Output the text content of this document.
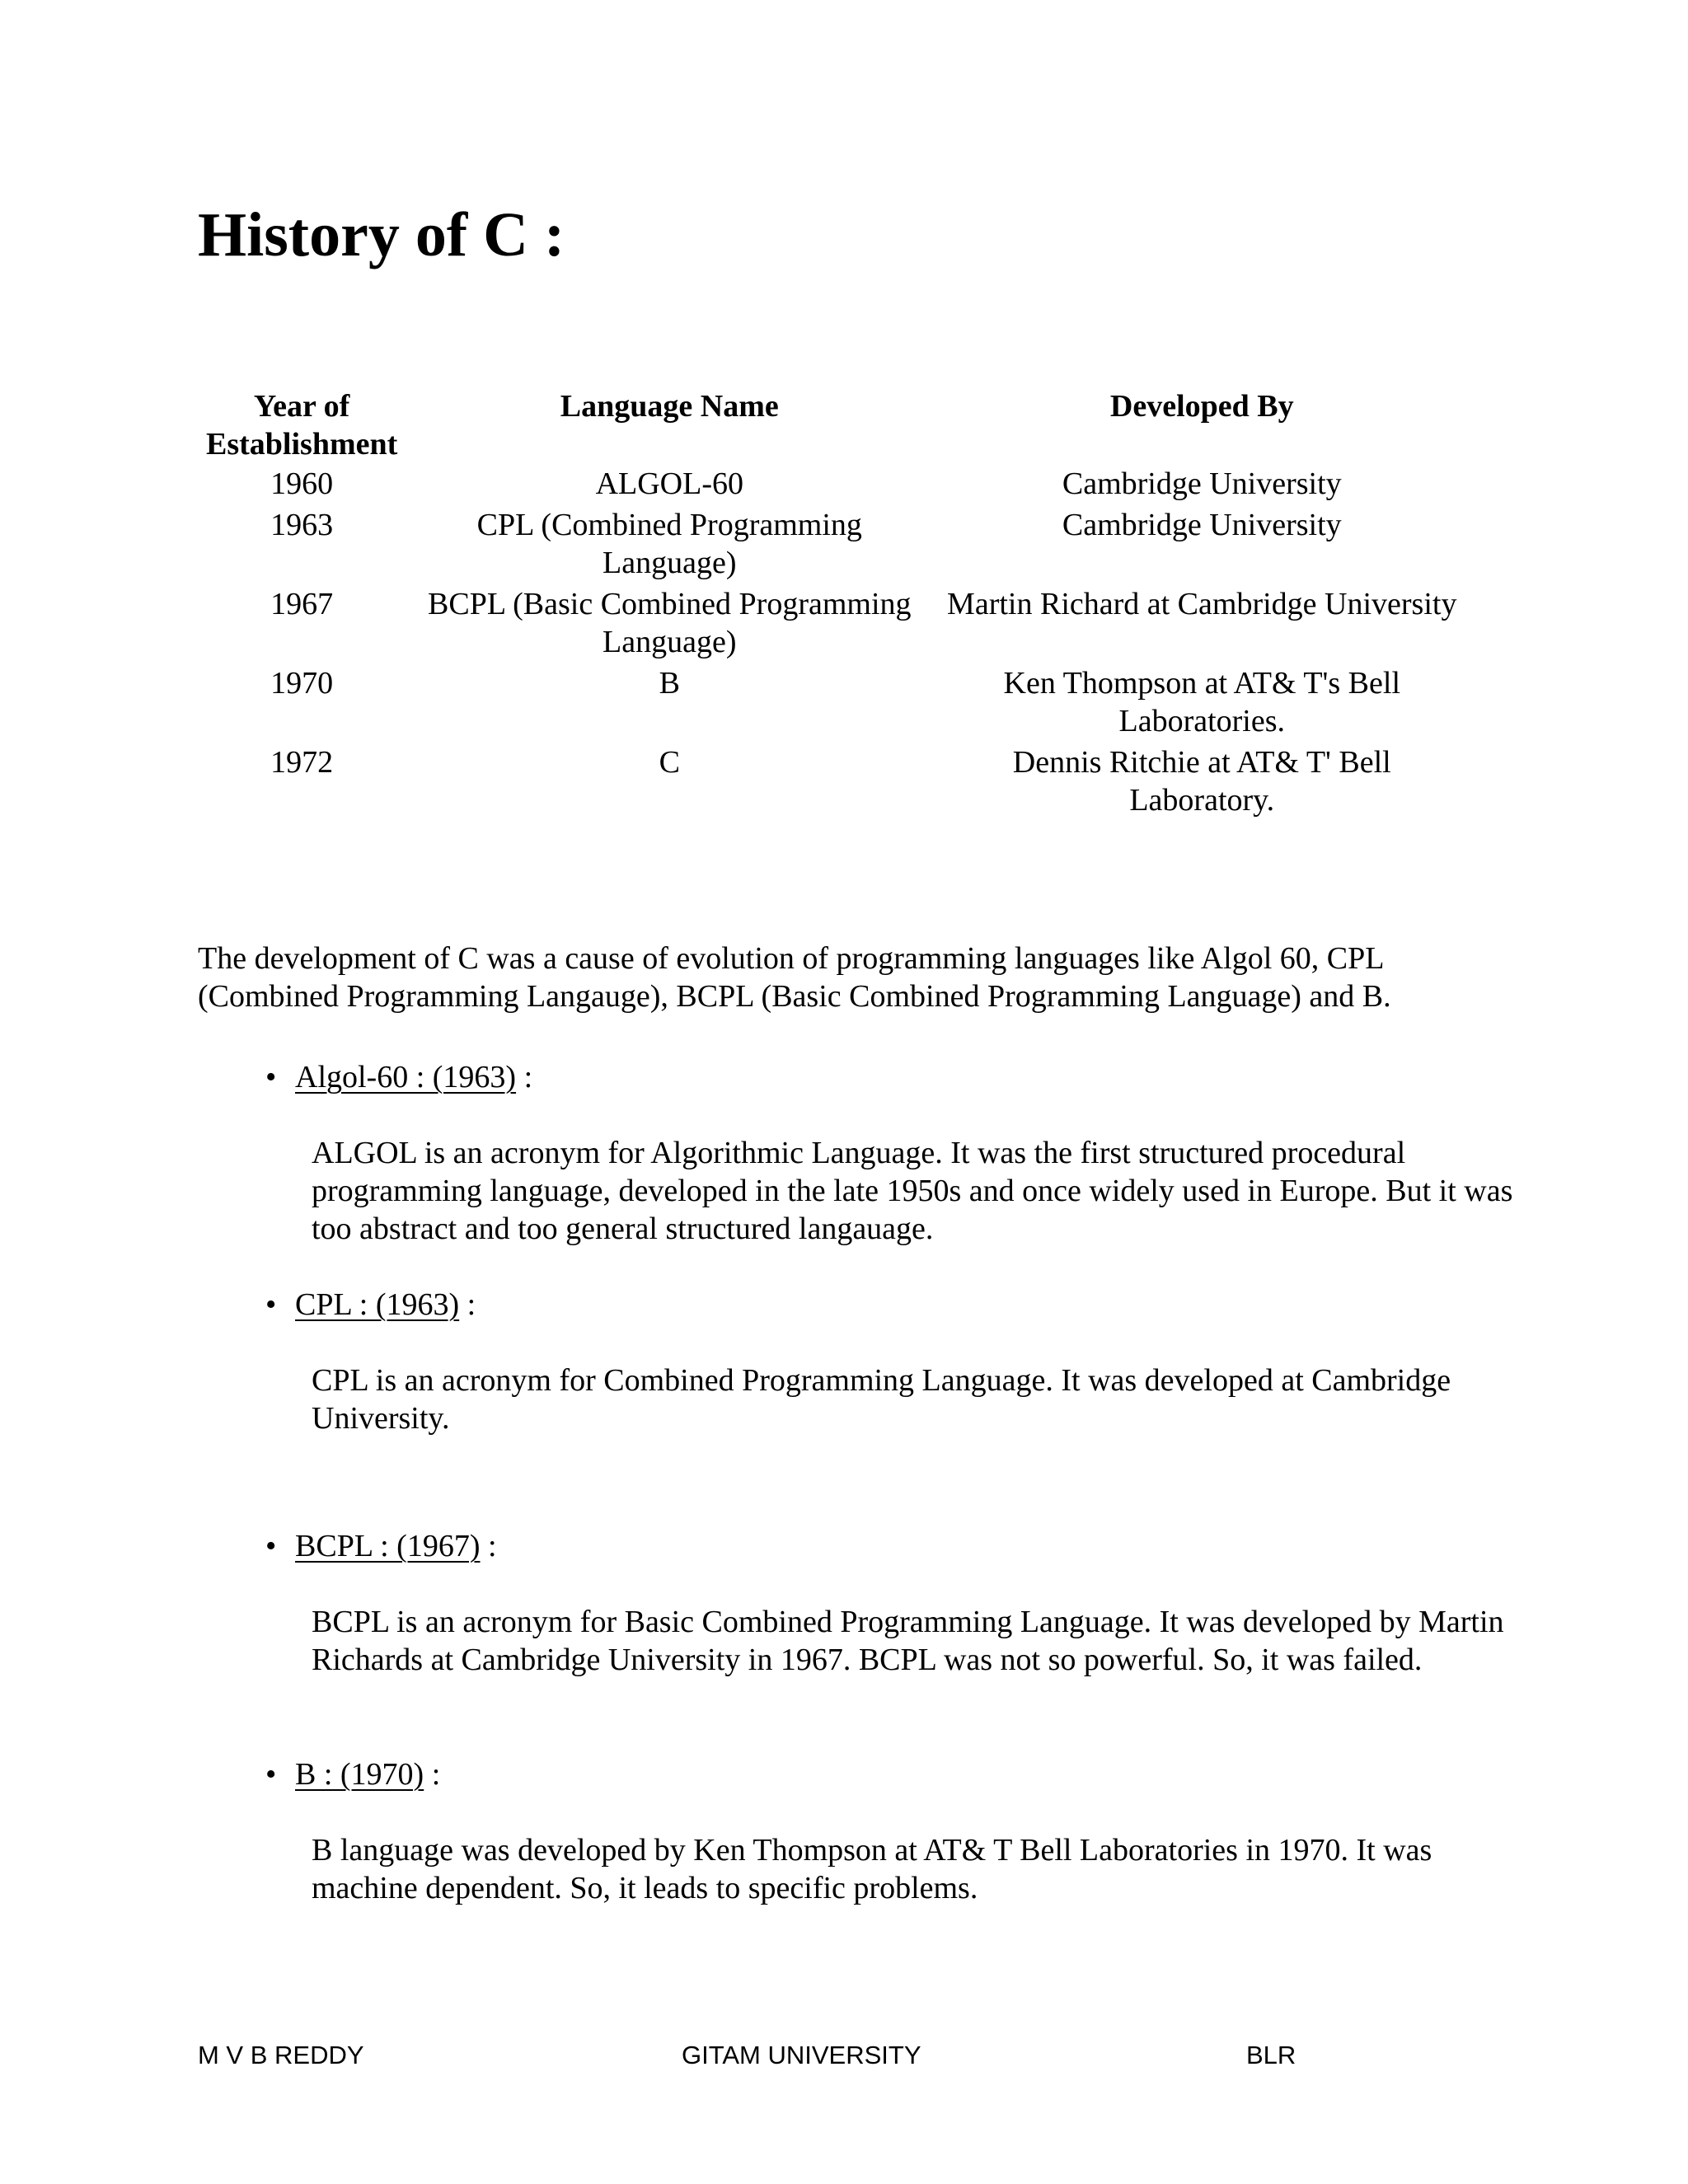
History of C :
Year of Establishment	Language Name	Developed By
1960	ALGOL-60	Cambridge University
1963	CPL (Combined Programming Language)	Cambridge University
1967	BCPL (Basic Combined Programming Language)	Martin Richard at Cambridge University
1970	B	Ken Thompson at AT& T's Bell Laboratories.
1972	C	Dennis Ritchie at AT& T' Bell Laboratory.

The development of C was a cause of evolution of programming languages like Algol 60, CPL (Combined Programming Langauge), BCPL (Basic Combined Programming Language) and B.

• Algol-60 : (1963) :

ALGOL is an acronym for Algorithmic Language. It was the first structured procedural programming language, developed in the late 1950s and once widely used in Europe. But it was too abstract and too general structured langauage.

• CPL : (1963) :

CPL is an acronym for Combined Programming Language. It was developed at Cambridge University.

• BCPL : (1967) :

BCPL is an acronym for Basic Combined Programming Language. It was developed by Martin Richards at Cambridge University in 1967. BCPL was not so powerful. So, it was failed.

• B : (1970) :

B language was developed by Ken Thompson at AT& T Bell Laboratories in 1970. It was machine dependent. So, it leads to specific problems.

M V B REDDY	GITAM UNIVERSITY	BLR
